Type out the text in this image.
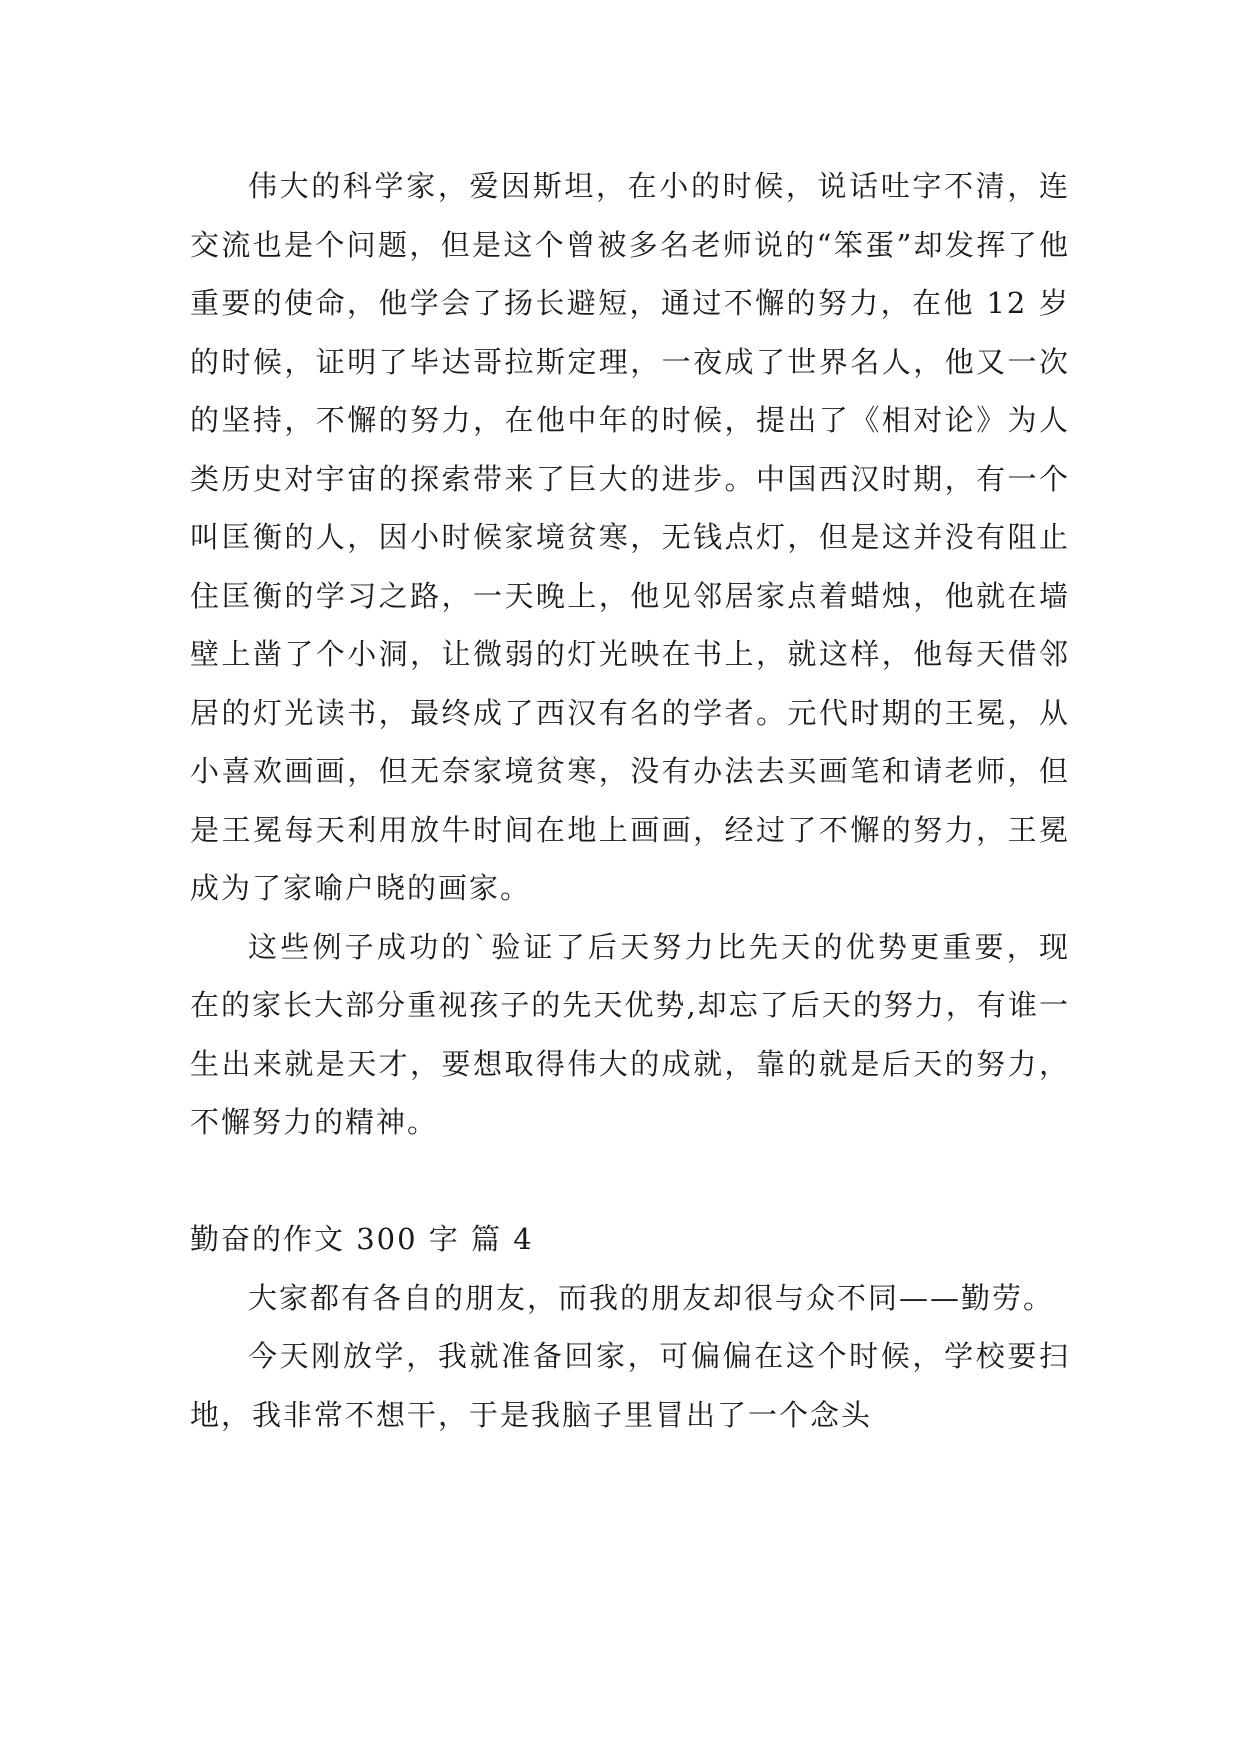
伟大的科学家，爱因斯坦，在小的时候，说话吐字不清，连交流也是个问题，但是这个曾被多名老师说的“笨蛋”却发挥了他重要的使命，他学会了扬长避短，通过不懈的努力，在他 12 岁的时候，证明了毕达哥拉斯定理，一夜成了世界名人，他又一次的坚持，不懈的努力，在他中年的时候，提出了《相对论》为人类历史对宇宙的探索带来了巨大的进步。中国西汉时期，有一个叫匡衡的人，因小时候家境贫寒，无钱点灯，但是这并没有阻止住匡衡的学习之路，一天晚上，他见邻居家点着蜡烛，他就在墙壁上凿了个小洞，让微弱的灯光映在书上，就这样，他每天借邻居的灯光读书，最终成了西汉有名的学者。元代时期的王冕，从小喜欢画画，但无奈家境贫寒，没有办法去买画笔和请老师，但是王冕每天利用放牛时间在地上画画，经过了不懈的努力，王冕成为了家喻户晓的画家。

这些例子成功的`验证了后天努力比先天的优势更重要，现在的家长大部分重视孩子的先天优势,却忘了后天的努力，有谁一生出来就是天才，要想取得伟大的成就，靠的就是后天的努力，不懈努力的精神。

勤奋的作文 300 字 篇 4

大家都有各自的朋友，而我的朋友却很与众不同——勤劳。

今天刚放学，我就准备回家，可偏偏在这个时候，学校要扫地，我非常不想干，于是我脑子里冒出了一个念头
